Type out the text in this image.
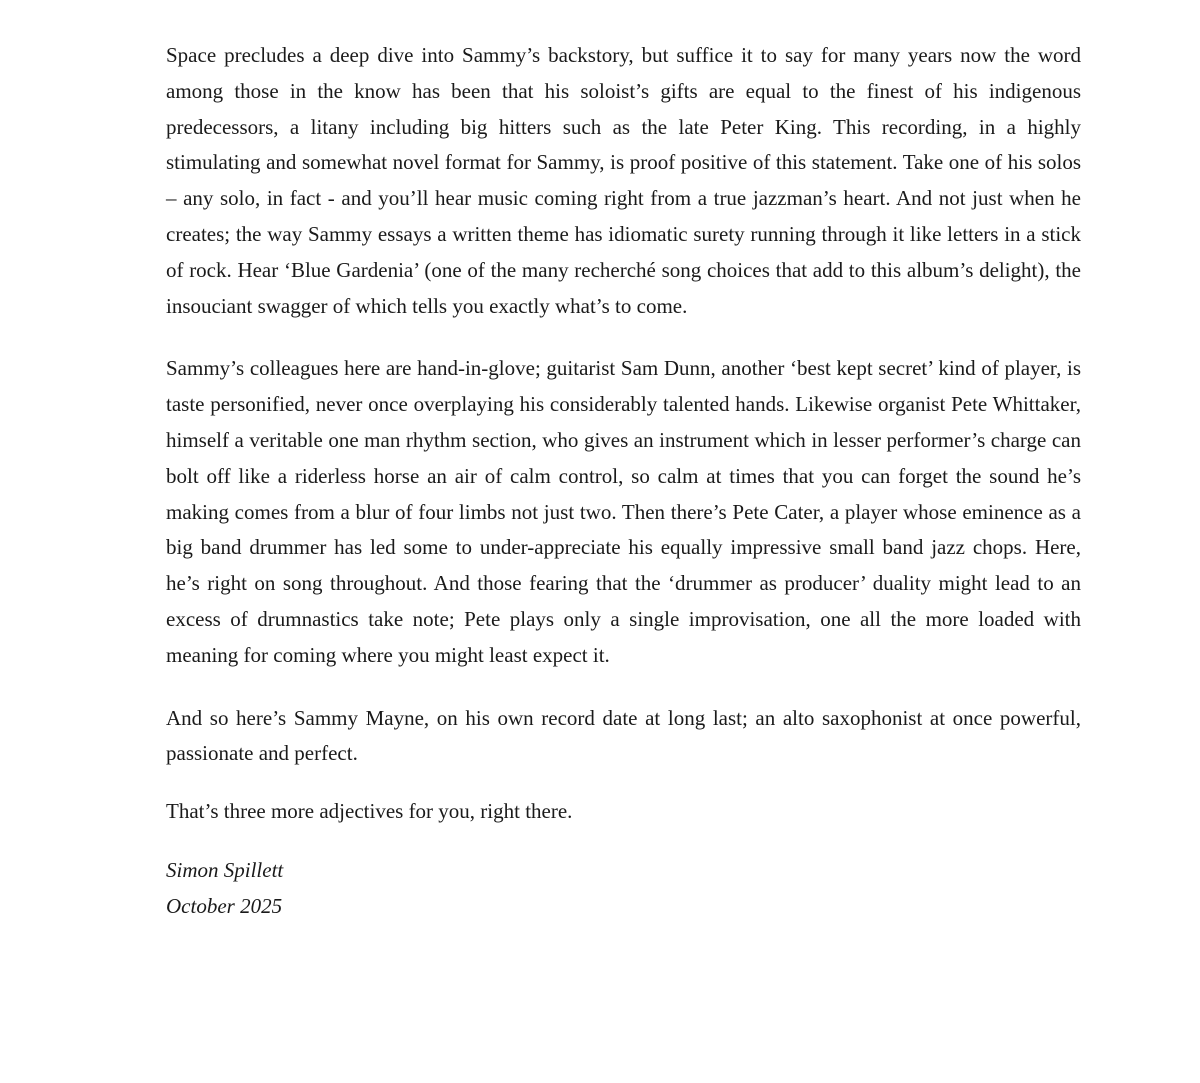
Space precludes a deep dive into Sammy’s backstory, but suffice it to say for many years now the word among those in the know has been that his soloist’s gifts are equal to the finest of his indigenous predecessors, a litany including big hitters such as the late Peter King. This recording, in a highly stimulating and somewhat novel format for Sammy, is proof positive of this statement. Take one of his solos – any solo, in fact - and you’ll hear music coming right from a true jazzman’s heart. And not just when he creates; the way Sammy essays a written theme has idiomatic surety running through it like letters in a stick of rock. Hear ‘Blue Gardenia’ (one of the many recherché song choices that add to this album’s delight), the insouciant swagger of which tells you exactly what’s to come.

Sammy’s colleagues here are hand-in-glove; guitarist Sam Dunn, another ‘best kept secret’ kind of player, is taste personified, never once overplaying his considerably talented hands. Likewise organist Pete Whittaker, himself a veritable one man rhythm section, who gives an instrument which in lesser performer’s charge can bolt off like a riderless horse an air of calm control, so calm at times that you can forget the sound he’s making comes from a blur of four limbs not just two. Then there’s Pete Cater, a player whose eminence as a big band drummer has led some to under-appreciate his equally impressive small band jazz chops. Here, he’s right on song throughout. And those fearing that the ‘drummer as producer’ duality might lead to an excess of drumnastics take note; Pete plays only a single improvisation, one all the more loaded with meaning for coming where you might least expect it.

And so here’s Sammy Mayne, on his own record date at long last; an alto saxophonist at once powerful, passionate and perfect.

That’s three more adjectives for you, right there.

Simon Spillett
October 2025
